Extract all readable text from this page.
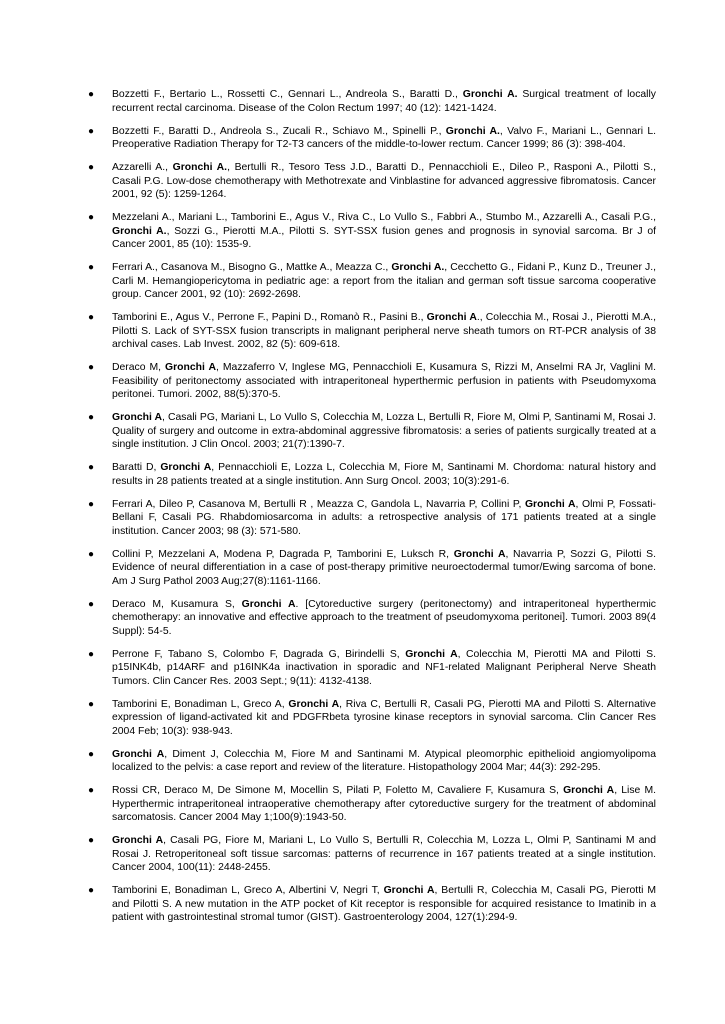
● Bozzetti F., Bertario L., Rossetti C., Gennari L., Andreola S., Baratti D., Gronchi A. Surgical treatment of locally recurrent rectal carcinoma. Disease of the Colon Rectum 1997; 40 (12): 1421-1424.
● Bozzetti F., Baratti D., Andreola S., Zucali R., Schiavo M., Spinelli P., Gronchi A., Valvo F., Mariani L., Gennari L. Preoperative Radiation Therapy for T2-T3 cancers of the middle-to-lower rectum. Cancer 1999; 86 (3): 398-404.
● Azzarelli A., Gronchi A., Bertulli R., Tesoro Tess J.D., Baratti D., Pennacchioli E., Dileo P., Rasponi A., Pilotti S., Casali P.G. Low-dose chemotherapy with Methotrexate and Vinblastine for advanced aggressive fibromatosis. Cancer 2001, 92 (5): 1259-1264.
● Mezzelani A., Mariani L., Tamborini E., Agus V., Riva C., Lo Vullo S., Fabbri A., Stumbo M., Azzarelli A., Casali P.G., Gronchi A., Sozzi G., Pierotti M.A., Pilotti S. SYT-SSX fusion genes and prognosis in synovial sarcoma. Br J of Cancer 2001, 85 (10): 1535-9.
● Ferrari A., Casanova M., Bisogno G., Mattke A., Meazza C., Gronchi A., Cecchetto G., Fidani P., Kunz D., Treuner J., Carli M. Hemangiopericytoma in pediatric age: a report from the italian and german soft tissue sarcoma cooperative group. Cancer 2001, 92 (10): 2692-2698.
● Tamborini E., Agus V., Perrone F., Papini D., Romanò R., Pasini B., Gronchi A., Colecchia M., Rosai J., Pierotti M.A., Pilotti S. Lack of SYT-SSX fusion transcripts in malignant peripheral nerve sheath tumors on RT-PCR analysis of 38 archival cases. Lab Invest. 2002, 82 (5): 609-618.
● Deraco M, Gronchi A, Mazzaferro V, Inglese MG, Pennacchioli E, Kusamura S, Rizzi M, Anselmi RA Jr, Vaglini M. Feasibility of peritonectomy associated with intraperitoneal hyperthermic perfusion in patients with Pseudomyxoma peritonei. Tumori. 2002, 88(5):370-5.
● Gronchi A, Casali PG, Mariani L, Lo Vullo S, Colecchia M, Lozza L, Bertulli R, Fiore M, Olmi P, Santinami M, Rosai J. Quality of surgery and outcome in extra-abdominal aggressive fibromatosis: a series of patients surgically treated at a single institution. J Clin Oncol. 2003; 21(7):1390-7.
● Baratti D, Gronchi A, Pennacchioli E, Lozza L, Colecchia M, Fiore M, Santinami M. Chordoma: natural history and results in 28 patients treated at a single institution. Ann Surg Oncol. 2003; 10(3):291-6.
● Ferrari A, Dileo P, Casanova M, Bertulli R , Meazza C, Gandola L, Navarria P, Collini P, Gronchi A, Olmi P, Fossati-Bellani F, Casali PG. Rhabdomiosarcoma in adults: a retrospective analysis of 171 patients treated at a single institution. Cancer 2003; 98 (3): 571-580.
● Collini P, Mezzelani A, Modena P, Dagrada P, Tamborini E, Luksch R, Gronchi A, Navarria P, Sozzi G, Pilotti S. Evidence of neural differentiation in a case of post-therapy primitive neuroectodermal tumor/Ewing sarcoma of bone. Am J Surg Pathol 2003 Aug;27(8):1161-1166.
● Deraco M, Kusamura S, Gronchi A. [Cytoreductive surgery (peritonectomy) and intraperitoneal hyperthermic chemotherapy: an innovative and effective approach to the treatment of pseudomyxoma peritonei]. Tumori. 2003 89(4 Suppl): 54-5.
● Perrone F, Tabano S, Colombo F, Dagrada G, Birindelli S, Gronchi A, Colecchia M, Pierotti MA and Pilotti S. p15INK4b, p14ARF and p16INK4a inactivation in sporadic and NF1-related Malignant Peripheral Nerve Sheath Tumors. Clin Cancer Res. 2003 Sept.; 9(11): 4132-4138.
● Tamborini E, Bonadiman L, Greco A, Gronchi A, Riva C, Bertulli R, Casali PG, Pierotti MA and Pilotti S. Alternative expression of ligand-activated kit and PDGFRbeta tyrosine kinase receptors in synovial sarcoma. Clin Cancer Res 2004 Feb; 10(3): 938-943.
● Gronchi A, Diment J, Colecchia M, Fiore M and Santinami M. Atypical pleomorphic epithelioid angiomyolipoma localized to the pelvis: a case report and review of the literature. Histopathology 2004 Mar; 44(3): 292-295.
● Rossi CR, Deraco M, De Simone M, Mocellin S, Pilati P, Foletto M, Cavaliere F, Kusamura S, Gronchi A, Lise M. Hyperthermic intraperitoneal intraoperative chemotherapy after cytoreductive surgery for the treatment of abdominal sarcomatosis. Cancer 2004 May 1;100(9):1943-50.
● Gronchi A, Casali PG, Fiore M, Mariani L, Lo Vullo S, Bertulli R, Colecchia M, Lozza L, Olmi P, Santinami M and Rosai J. Retroperitoneal soft tissue sarcomas: patterns of recurrence in 167 patients treated at a single institution. Cancer 2004, 100(11): 2448-2455.
● Tamborini E, Bonadiman L, Greco A, Albertini V, Negri T, Gronchi A, Bertulli R, Colecchia M, Casali PG, Pierotti M and Pilotti S. A new mutation in the ATP pocket of Kit receptor is responsible for acquired resistance to Imatinib in a patient with gastrointestinal stromal tumor (GIST). Gastroenterology 2004, 127(1):294-9.
